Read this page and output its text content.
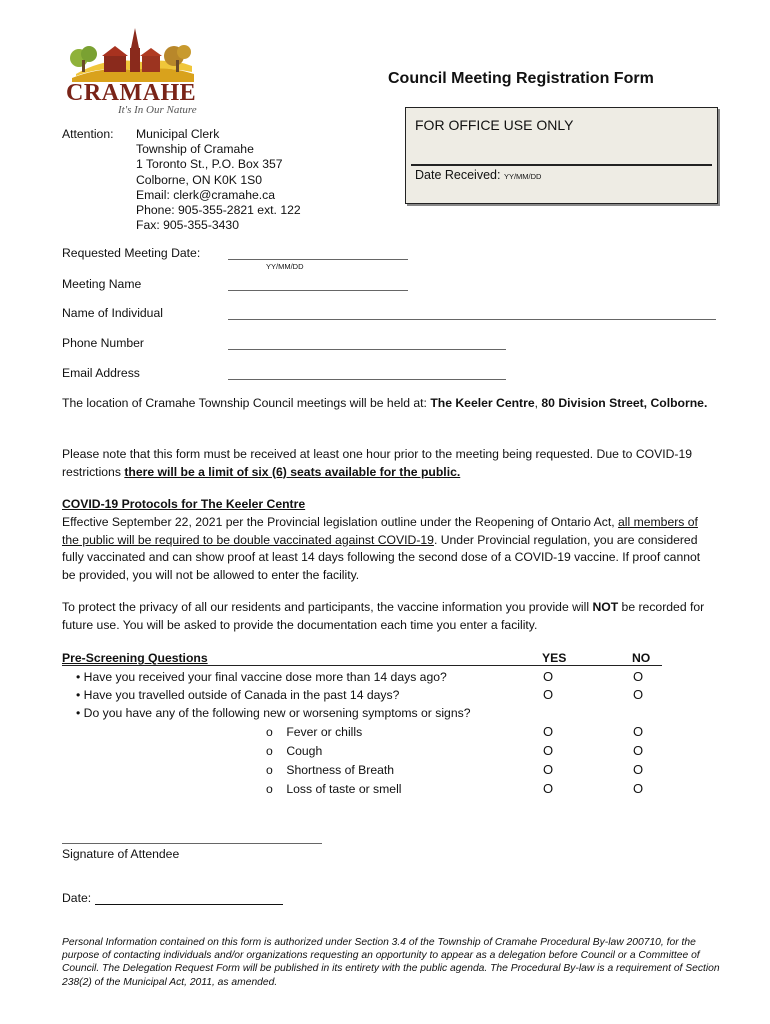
CRAMAHE
It's In Our Nature
Council Meeting Registration Form
FOR OFFICE USE ONLY
Date Received: YY/MM/DD
Attention: Municipal Clerk
Township of Cramahe
1 Toronto St., P.O. Box 357
Colborne, ON K0K 1S0
Email: clerk@cramahe.ca
Phone: 905-355-2821 ext. 122
Fax: 905-355-3430
Requested Meeting Date:
YY/MM/DD
Meeting Name
Name of Individual
Phone Number
Email Address
The location of Cramahe Township Council meetings will be held at: The Keeler Centre, 80 Division Street, Colborne.
Please note that this form must be received at least one hour prior to the meeting being requested. Due to COVID-19 restrictions there will be a limit of six (6) seats available for the public.
COVID-19 Protocols for The Keeler Centre
Effective September 22, 2021 per the Provincial legislation outline under the Reopening of Ontario Act, all members of the public will be required to be double vaccinated against COVID-19. Under Provincial regulation, you are considered fully vaccinated and can show proof at least 14 days following the second dose of a COVID-19 vaccine. If proof cannot be provided, you will not be allowed to enter the facility.
To protect the privacy of all our residents and participants, the vaccine information you provide will NOT be recorded for future use. You will be asked to provide the documentation each time you enter a facility.
Pre-Screening Questions	YES	NO
• Have you received your final vaccine dose more than 14 days ago?	O	O
• Have you travelled outside of Canada in the past 14 days?	O	O
• Do you have any of the following new or worsening symptoms or signs?
o Fever or chills	O	O
o Cough	O	O
o Shortness of Breath	O	O
o Loss of taste or smell	O	O
Signature of Attendee
Date:
Personal Information contained on this form is authorized under Section 3.4 of the Township of Cramahe Procedural By-law 200710, for the purpose of contacting individuals and/or organizations requesting an opportunity to appear as a delegation before Council or a Committee of Council. The Delegation Request Form will be published in its entirety with the public agenda. The Procedural By-law is a requirement of Section 238(2) of the Municipal Act, 2011, as amended.
